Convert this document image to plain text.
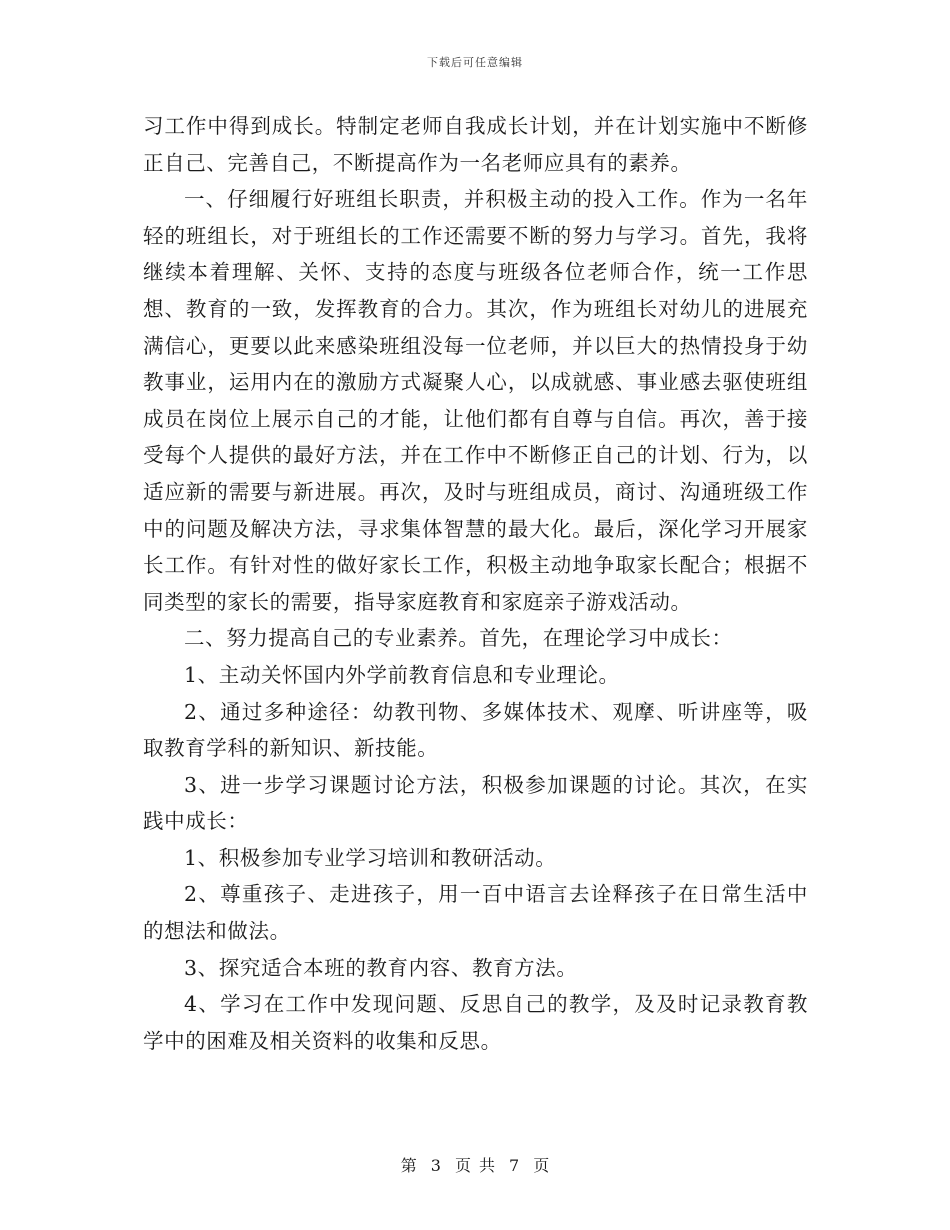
下载后可任意编辑

习工作中得到成长。特制定老师自我成长计划，并在计划实施中不断修正自己、完善自己，不断提高作为一名老师应具有的素养。

一、仔细履行好班组长职责，并积极主动的投入工作。作为一名年轻的班组长，对于班组长的工作还需要不断的努力与学习。首先，我将继续本着理解、关怀、支持的态度与班级各位老师合作，统一工作思想、教育的一致，发挥教育的合力。其次，作为班组长对幼儿的进展充满信心，更要以此来感染班组没每一位老师，并以巨大的热情投身于幼教事业，运用内在的激励方式凝聚人心，以成就感、事业感去驱使班组成员在岗位上展示自己的才能，让他们都有自尊与自信。再次，善于接受每个人提供的最好方法，并在工作中不断修正自己的计划、行为，以适应新的需要与新进展。再次，及时与班组成员，商讨、沟通班级工作中的问题及解决方法，寻求集体智慧的最大化。最后，深化学习开展家长工作。有针对性的做好家长工作，积极主动地争取家长配合；根据不同类型的家长的需要，指导家庭教育和家庭亲子游戏活动。

二、努力提高自己的专业素养。首先，在理论学习中成长：

1、主动关怀国内外学前教育信息和专业理论。

2、通过多种途径：幼教刊物、多媒体技术、观摩、听讲座等，吸取教育学科的新知识、新技能。

3、进一步学习课题讨论方法，积极参加课题的讨论。其次，在实践中成长：

1、积极参加专业学习培训和教研活动。

2、尊重孩子、走进孩子，用一百中语言去诠释孩子在日常生活中的想法和做法。

3、探究适合本班的教育内容、教育方法。

4、学习在工作中发现问题、反思自己的教学，及及时记录教育教学中的困难及相关资料的收集和反思。

第 3 页 共 7 页
